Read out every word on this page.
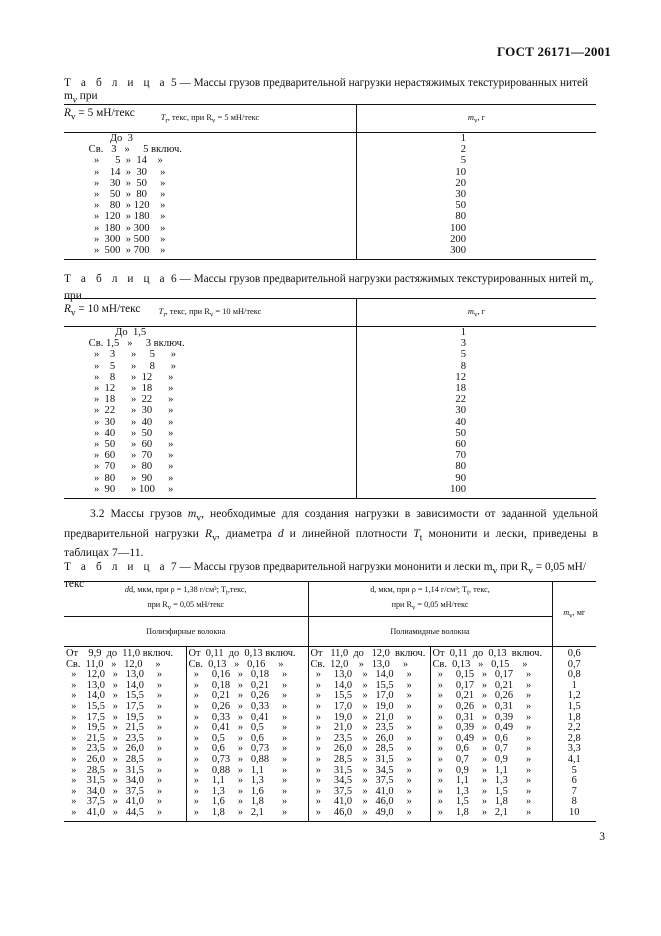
ГОСТ 26171—2001
Т а б л и ц а 5 — Массы грузов предварительной нагрузки нерастяжимых текстурированных нитей $m_v$ при
$R_v = 5$ мН/текс	$T_r$, текс, при $R_v = 5$ мН/текс	$m_v$, г
До  3	1
Св.   3   »     5 включ.	2
»      5  »  14    »	5
»    14  »  30     »	10
»    30  »  50     »	20
»    50  »  80     »	30
»    80  » 120    »	50
»  120  » 180    »	80
»  180  » 300    »	100
»  300  » 500    »	200
»  500  » 700    »	300
Т а б л и ц а 6 — Массы грузов предварительной нагрузки растяжимых текстурированных нитей $m_v$ при
$R_v = 10$ мН/текс	$T_r$, текс, при $R_v = 10$ мН/текс	$m_v$, г
До  1,5	1
Св. 1,5   »     3 включ.	3
»    3      »     5      »	5
»    5      »     8      »	8
»    8      »  12      »	12
»  12      »  18      »	18
»  18      »  22      »	22
»  22      »  30      »	30
»  30      »  40      »	40
»  40      »  50      »	50
»  50      »  60      »	60
»  60      »  70      »	70
»  70      »  80      »	80
»  80      »  90      »	90
»  90      » 100     »	100
3.2 Массы грузов $m_v$, необходимые для создания нагрузки в зависимости от заданной удельной предварительной нагрузки $R_v$, диаметра d и линейной плотности $T_t$ мононити и лески, приведены в таблицах 7—11.
Т а б л и ц а 7 — Массы грузов предварительной нагрузки мононити и лески $m_v$ при $R_v = 0,05$ мН/текс	dd, мкм, при ρ = 1,38 г/см³; $T_t,текс$,
при $R_v = 0,05$ мН/текс		d, мкм, при ρ = 1,14 г/см³; $T_t$, текс,
при $R_v = 0,05$ мН/текс		$m_v$, мг
Полиэфирные волокна		Полиамидные волокна		
От    9,9  до  11,0 включ.	От  0,11  до  0,13 включ.	От   11,0  до   12,0  включ.	От  0,11  до  0,13  включ.	0,6
Св.  11,0   »   12,0     »	Св.  0,13   »   0,16     »	Св.  12,0    »   13,0     »	Св.  0,13   »   0,15     »	0,7
»    12,0   »   13,0     »	»     0,16   »   0,18     »	»     13,0    »   14,0     »	»     0,15   »   0,17     »	0,8
»    13,0   »   14,0     »	»     0,18   »   0,21     »	»     14,0    »   15,5     »	»     0,17   »   0,21     »	1
»    14,0   »   15,5     »	»     0,21   »   0,26     »	»     15,5    »   17,0     »	»     0,21   »   0,26     »	1,2
»    15,5   »   17,5     »	»     0,26   »   0,33     »	»     17,0    »   19,0     »	»     0,26   »   0,31     »	1,5
»    17,5   »   19,5     »	»     0,33   »   0,41     »	»     19,0    »   21,0     »	»     0,31   »   0,39     »	1,8
»    19,5   »   21,5     »	»     0,41   »   0,5       »	»     21,0    »   23,5     »	»     0,39   »   0,49     »	2,2
»    21,5   »   23,5     »	»     0,5     »   0,6       »	»     23,5    »   26,0     »	»     0,49   »   0,6       »	2,8
»    23,5   »   26,0     »	»     0,6     »   0,73     »	»     26,0    »   28,5     »	»     0,6     »   0,7       »	3,3
»    26,0   »   28,5     »	»     0,73   »   0,88     »	»     28,5    »   31,5     »	»     0,7     »   0,9       »	4,1
»    28,5   »   31,5     »	»     0,88   »   1,1       »	»     31,5    »   34,5     »	»     0,9     »   1,1       »	5
»    31,5   »   34,0     »	»     1,1     »   1,3       »	»     34,5    »   37,5     »	»     1,1     »   1,3       »	6
»    34,0   »   37,5     »	»     1,3     »   1,6       »	»     37,5    »   41,0     »	»     1,3     »   1,5       »	7
»    37,5   »   41,0     »	»     1,6     »   1,8       »	»     41,0    »   46,0     »	»     1,5     »   1,8       »	8
»    41,0   »   44,5     »	»     1,8     »   2,1       »	»     46,0    »   49,0     »	»     1,8     »   2,1       »	10
3
